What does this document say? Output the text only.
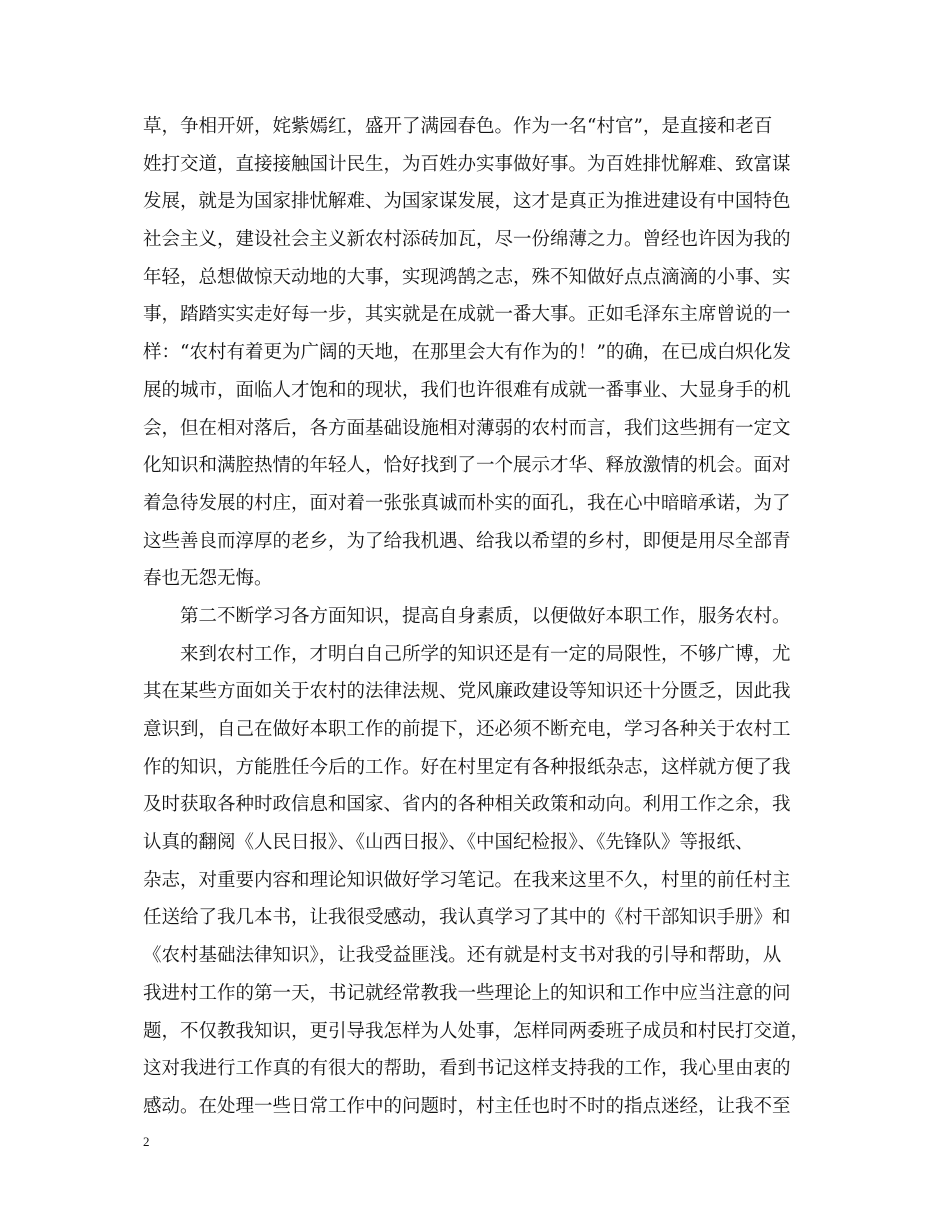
草，争相开妍，姹紫嫣红，盛开了满园春色。作为一名“村官”，是直接和老百
姓打交道，直接接触国计民生，为百姓办实事做好事。为百姓排忧解难、致富谋
发展，就是为国家排忧解难、为国家谋发展，这才是真正为推进建设有中国特色
社会主义，建设社会主义新农村添砖加瓦，尽一份绵薄之力。曾经也许因为我的
年轻，总想做惊天动地的大事，实现鸿鹄之志，殊不知做好点点滴滴的小事、实
事，踏踏实实走好每一步，其实就是在成就一番大事。正如毛泽东主席曾说的一
样：“农村有着更为广阔的天地，在那里会大有作为的！”的确，在已成白炽化发
展的城市，面临人才饱和的现状，我们也许很难有成就一番事业、大显身手的机
会，但在相对落后，各方面基础设施相对薄弱的农村而言，我们这些拥有一定文
化知识和满腔热情的年轻人，恰好找到了一个展示才华、释放激情的机会。面对
着急待发展的村庄，面对着一张张真诚而朴实的面孔，我在心中暗暗承诺，为了
这些善良而淳厚的老乡，为了给我机遇、给我以希望的乡村，即便是用尽全部青
春也无怨无悔。
第二不断学习各方面知识，提高自身素质，以便做好本职工作，服务农村。
来到农村工作，才明白自己所学的知识还是有一定的局限性，不够广博，尤
其在某些方面如关于农村的法律法规、党风廉政建设等知识还十分匮乏，因此我
意识到，自己在做好本职工作的前提下，还必须不断充电，学习各种关于农村工
作的知识，方能胜任今后的工作。好在村里定有各种报纸杂志，这样就方便了我
及时获取各种时政信息和国家、省内的各种相关政策和动向。利用工作之余，我
认真的翻阅《人民日报》、《山西日报》、《中国纪检报》、《先锋队》等报纸、
杂志，对重要内容和理论知识做好学习笔记。在我来这里不久，村里的前任村主
任送给了我几本书，让我很受感动，我认真学习了其中的《村干部知识手册》和
《农村基础法律知识》，让我受益匪浅。还有就是村支书对我的引导和帮助，从
我进村工作的第一天，书记就经常教我一些理论上的知识和工作中应当注意的问
题，不仅教我知识，更引导我怎样为人处事，怎样同两委班子成员和村民打交道，
这对我进行工作真的有很大的帮助，看到书记这样支持我的工作，我心里由衷的
感动。在处理一些日常工作中的问题时，村主任也时不时的指点迷经，让我不至
2
